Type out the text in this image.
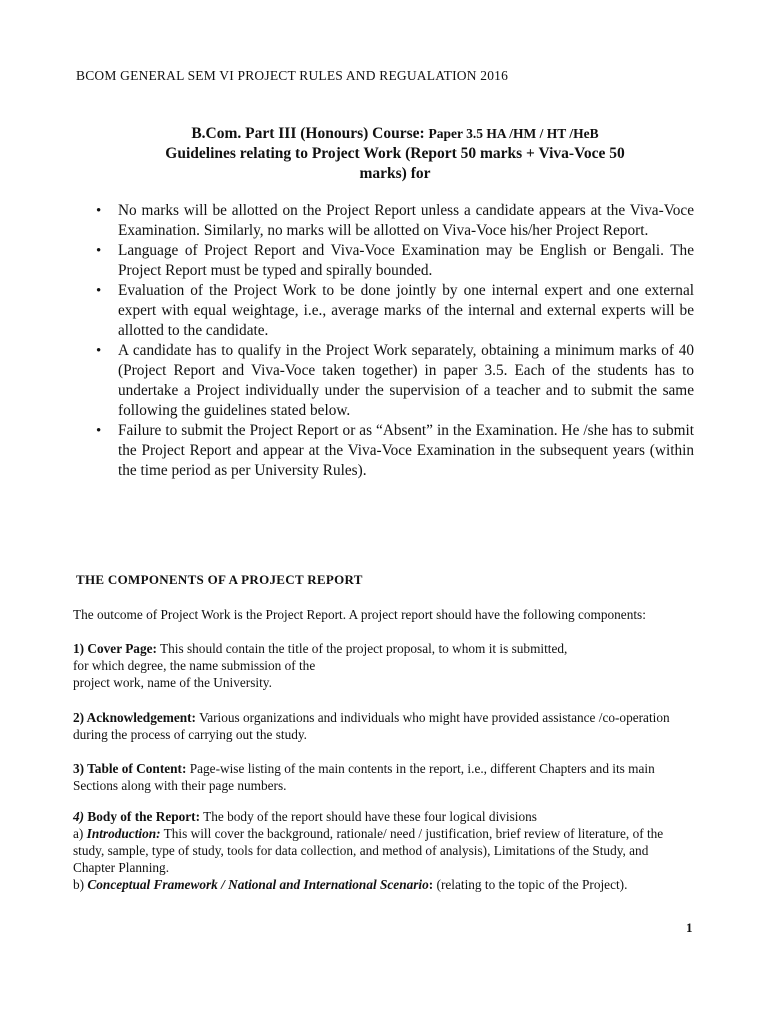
BCOM GENERAL SEM VI PROJECT RULES AND REGUALATION 2016
B.Com. Part III (Honours) Course: Paper 3.5 HA /HM / HT /HeB
Guidelines relating to Project Work (Report 50 marks + Viva-Voce 50
marks) for
• No marks will be allotted on the Project Report unless a candidate appears at the Viva-Voce Examination. Similarly, no marks will be allotted on Viva-Voce his/her Project Report.
• Language of Project Report and Viva-Voce Examination may be English or Bengali. The Project Report must be typed and spirally bounded.
• Evaluation of the Project Work to be done jointly by one internal expert and one external expert with equal weightage, i.e., average marks of the internal and external experts will be allotted to the candidate.
• A candidate has to qualify in the Project Work separately, obtaining a minimum marks of 40 (Project Report and Viva-Voce taken together) in paper 3.5. Each of the students has to undertake a Project individually under the supervision of a teacher and to submit the same following the guidelines stated below.
• Failure to submit the Project Report or as “Absent” in the Examination. He /she has to submit the Project Report and appear at the Viva-Voce Examination in the subsequent years (within the time period as per University Rules).
THE COMPONENTS OF A PROJECT REPORT
The outcome of Project Work is the Project Report. A project report should have the following components:
1) Cover Page: This should contain the title of the project proposal, to whom it is submitted,
for which degree, the name submission of the
project work, name of the University.
2) Acknowledgement: Various organizations and individuals who might have provided assistance /co-operation during the process of carrying out the study.
3) Table of Content: Page-wise listing of the main contents in the report, i.e., different Chapters and its main Sections along with their page numbers.
4) Body of the Report: The body of the report should have these four logical divisions
a) Introduction: This will cover the background, rationale/ need / justification, brief review of literature, of the study, sample, type of study, tools for data collection, and method of analysis), Limitations of the Study, and Chapter Planning.
b) Conceptual Framework / National and International Scenario: (relating to the topic of the Project).
1
